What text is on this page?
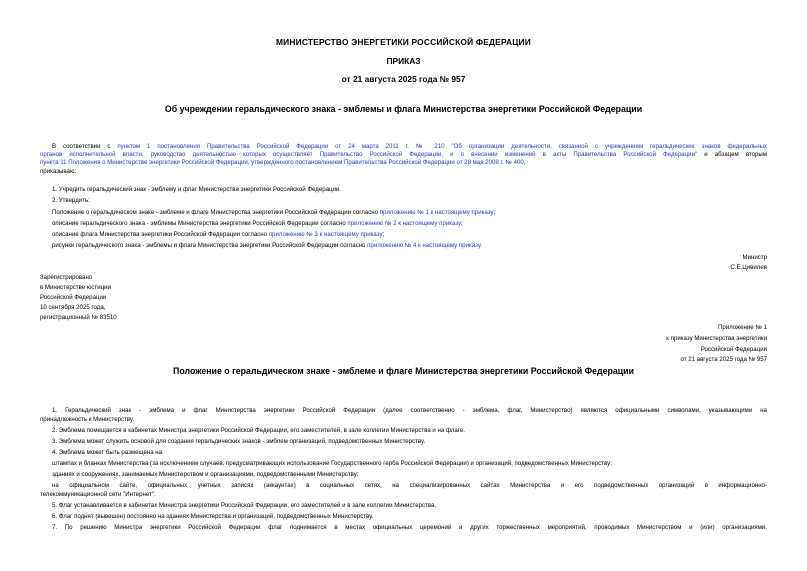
МИНИСТЕРСТВО ЭНЕРГЕТИКИ РОССИЙСКОЙ ФЕДЕРАЦИИ
ПРИКАЗ
от 21 августа 2025 года № 957
Об учреждении геральдического знака - эмблемы и флага Министерства энергетики Российской Федерации
В соответствии с пунктом 1 постановления Правительства Российской Федерации от 24 марта 2011 г. № 210 "Об организации деятельности, связанной с учреждением геральдических знаков федеральных
органов исполнительной власти, руководство деятельностью которых осуществляет Правительство Российской Федерации, и о внесении изменений в акты Правительства Российской Федерации" и абзацем вторым
пункта 11 Положения о Министерстве энергетики Российской Федерации, утвержденного постановлением Правительства Российской Федерации от 28 мая 2008 г. № 400,
приказываю:
1. Учредить геральдический знак - эмблему и флаг Министерства энергетики Российской Федерации.
2. Утвердить:
Положение о геральдическом знаке - эмблеме и флаге Министерства энергетики Российской Федерации согласно приложению № 1 к настоящему приказу;
описание геральдического знака - эмблемы Министерства энергетики Российской Федерации согласно приложению № 2 к настоящему приказу;
описание флага Министерства энергетики Российской Федерации согласно приложению № 3 к настоящему приказу;
рисунки геральдического знака - эмблемы и флага Министерства энергетики Российской Федерации согласно приложению № 4 к настоящему приказу.
Министр
С.Е.Цивилев
Зарегистрировано
в Министерстве юстиции
Российской Федерации
10 сентября 2025 года,
регистрационный № 83510
Приложение № 1
к приказу Министерства энергетики
Российской Федерации
от 21 августа 2025 года № 957
Положение о геральдическом знаке - эмблеме и флаге Министерства энергетики Российской Федерации
1. Геральдический знак - эмблема и флаг Министерства энергетики Российской Федерации (далее соответственно - эмблема, флаг, Министерство) являются официальными символами, указывающими на
принадлежность к Министерству.
2. Эмблема помещается в кабинетах Министра энергетики Российской Федерации, его заместителей, в зале коллегии Министерства и на флаге.
3. Эмблема может служить основой для создания геральдических знаков - эмблем организаций, подведомственных Министерству.
4. Эмблема может быть размещена на:
штампах и бланках Министерства (за исключением случаев, предусматривающих использование Государственного герба Российской Федерации) и организаций, подведомственных Министерству;
зданиях и сооружениях, занимаемых Министерством и организациями, подведомственными Министерству;
на официальном сайте, официальных учетных записях (аккаунтах) в социальных сетях, на специализированных сайтах Министерства и его подведомственных организаций в информационно-
телекоммуникационной сети "Интернет".
5. Флаг устанавливается в кабинетах Министра энергетики Российской Федерации, его заместителей и в зале коллегии Министерства.
6. Флаг поднят (вывешен) постоянно на зданиях Министерства и организаций, подведомственных Министерству.
7. По решению Министра энергетики Российской Федерации флаг поднимается в местах официальных церемоний и других торжественных мероприятий, проводимых Министерством и (или) организациями,
